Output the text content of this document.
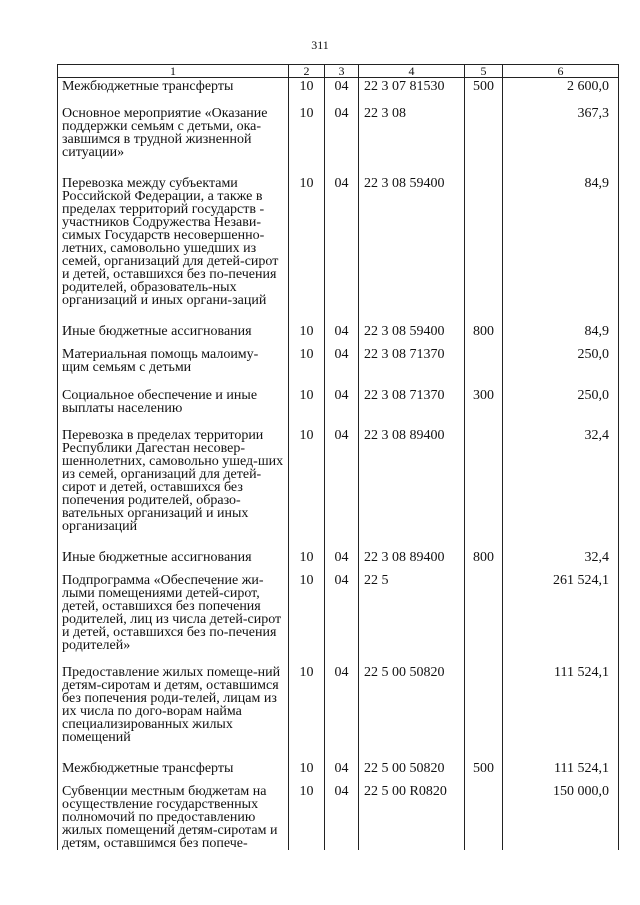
311
1	2	3	4	5	6
Межбюджетные трансферты	10	04	22 3 07 81530	500	2 600,0
Основное мероприятие «Оказание поддержки семьям с детьми, ока-завшимся в трудной жизненной ситуации»	10	04	22 3 08		367,3
Перевозка между субъектами Российской Федерации, а также в пределах территорий государств - участников Содружества Незави-симых Государств несовершенно-летних, самовольно ушедших из семей, организаций для детей-сирот и детей, оставшихся без по-печения родителей, образователь-ных организаций и иных органи-заций	10	04	22 3 08 59400		84,9
Иные бюджетные ассигнования	10	04	22 3 08 59400	800	84,9
Материальная помощь малоиму-щим семьям с детьми	10	04	22 3 08 71370		250,0
Социальное обеспечение и иные выплаты населению	10	04	22 3 08 71370	300	250,0
Перевозка в пределах территории Республики Дагестан несовер-шеннолетних, самовольно ушед-ших из семей, организаций для детей-сирот и детей, оставшихся без попечения родителей, образо-вательных организаций и иных организаций	10	04	22 3 08 89400		32,4
Иные бюджетные ассигнования	10	04	22 3 08 89400	800	32,4
Подпрограмма «Обеспечение жи-лыми помещениями детей-сирот, детей, оставшихся без попечения родителей, лиц из числа детей-сирот и детей, оставшихся без по-печения родителей»	10	04	22 5		261 524,1
Предоставление жилых помеще-ний детям-сиротам и детям, оставшимся без попечения роди-телей, лицам из их числа по дого-ворам найма специализированных жилых помещений	10	04	22 5 00 50820		111 524,1
Межбюджетные трансферты	10	04	22 5 00 50820	500	111 524,1
Субвенции местным бюджетам на осуществление государственных полномочий по предоставлению жилых помещений детям-сиротам и детям, оставшимся без попече-	10	04	22 5 00 R0820		150 000,0
